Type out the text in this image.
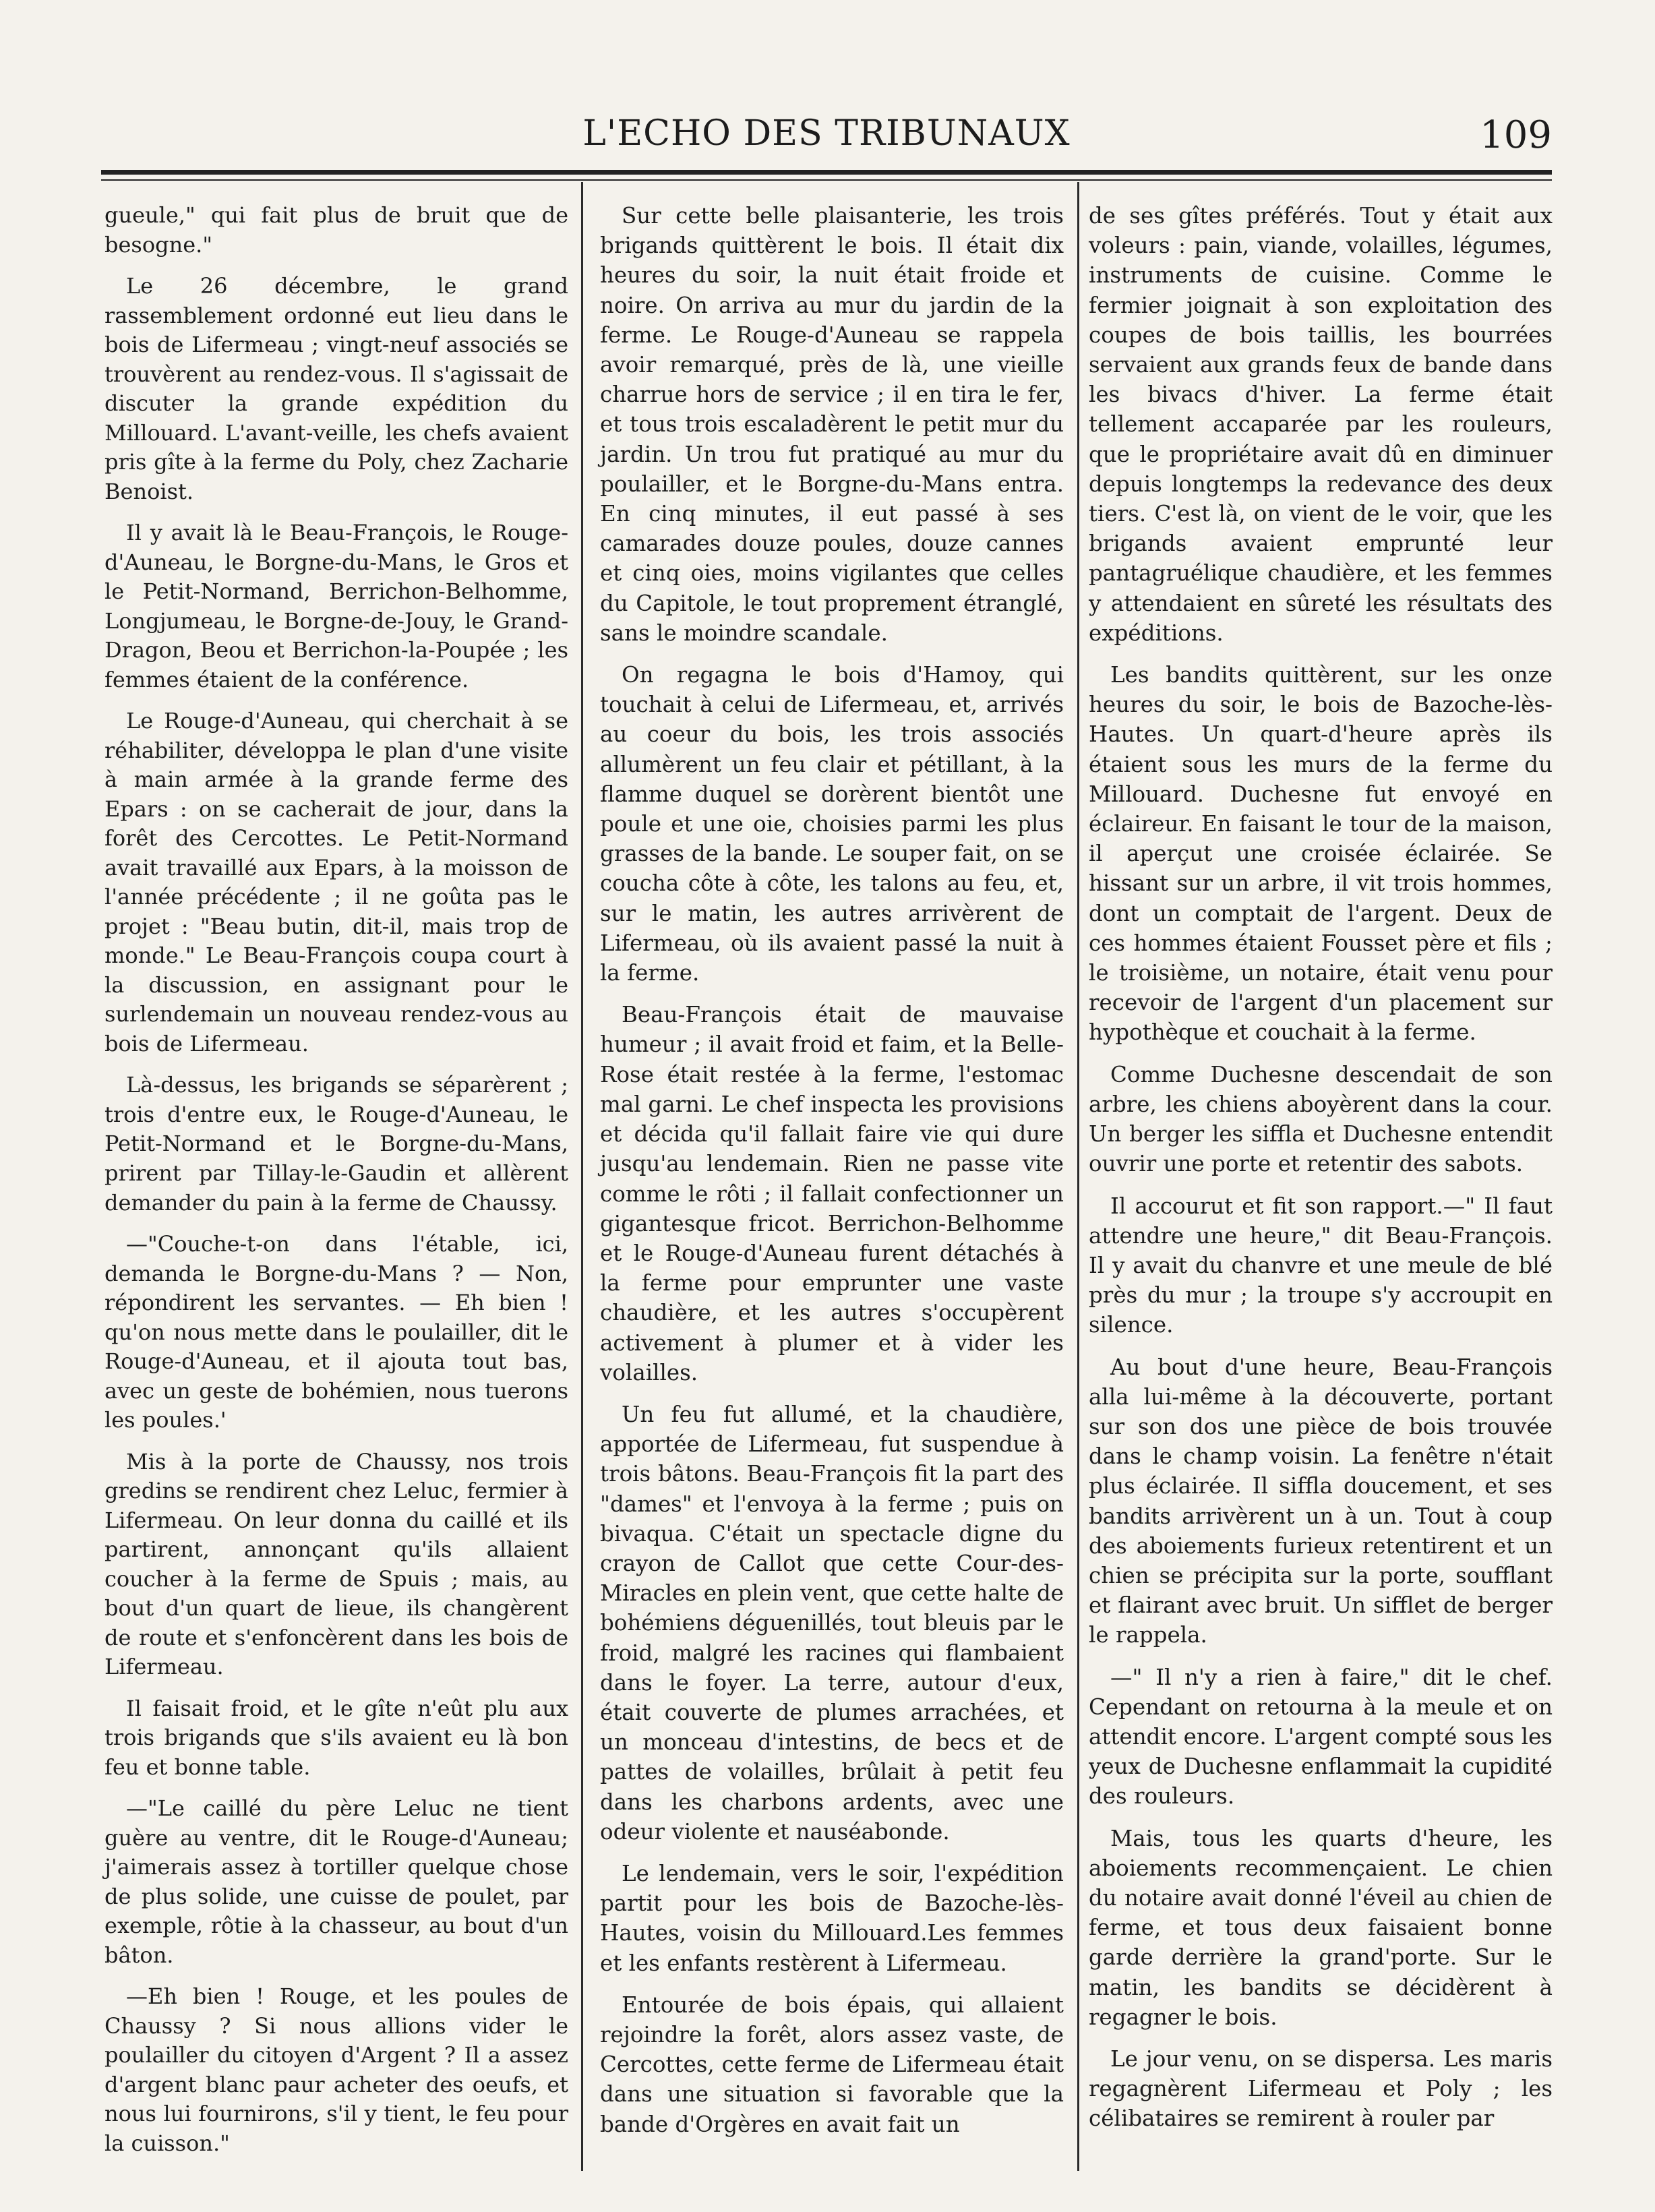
L'ECHO DES TRIBUNAUX	109

gueule," qui fait plus de bruit que de besogne."

Le 26 décembre, le grand rassemblement ordonné eut lieu dans le bois de Lifermeau ; vingt-neuf associés se trouvèrent au rendez-vous. Il s'agissait de discuter la grande expédition du Millouard. L'avant-veille, les chefs avaient pris gîte à la ferme du Poly, chez Zacharie Benoist.

Il y avait là le Beau-François, le Rouge-d'Auneau, le Borgne-du-Mans, le Gros et le Petit-Normand, Berrichon-Belhomme, Longjumeau, le Borgne-de-Jouy, le Grand-Dragon, Beou et Berrichon-la-Poupée ; les femmes étaient de la conférence.

Le Rouge-d'Auneau, qui cherchait à se réhabiliter, développa le plan d'une visite à main armée à la grande ferme des Epars : on se cacherait de jour, dans la forêt des Cercottes. Le Petit-Normand avait travaillé aux Epars, à la moisson de l'année précédente ; il ne goûta pas le projet : "Beau butin, dit-il, mais trop de monde." Le Beau-François coupa court à la discussion, en assignant pour le surlendemain un nouveau rendez-vous au bois de Lifermeau.

Là-dessus, les brigands se séparèrent ; trois d'entre eux, le Rouge-d'Auneau, le Petit-Normand et le Borgne-du-Mans, prirent par Tillay-le-Gaudin et allèrent demander du pain à la ferme de Chaussy.

—"Couche-t-on dans l'étable, ici, demanda le Borgne-du-Mans ? — Non, répondirent les servantes. — Eh bien ! qu'on nous mette dans le poulailler, dit le Rouge-d'Auneau, et il ajouta tout bas, avec un geste de bohémien, nous tuerons les poules.'

Mis à la porte de Chaussy, nos trois gredins se rendirent chez Leluc, fermier à Lifermeau. On leur donna du caillé et ils partirent, annonçant qu'ils allaient coucher à la ferme de Spuis ; mais, au bout d'un quart de lieue, ils changèrent de route et s'enfoncèrent dans les bois de Lifermeau.

Il faisait froid, et le gîte n'eût plu aux trois brigands que s'ils avaient eu là bon feu et bonne table.

—"Le caillé du père Leluc ne tient guère au ventre, dit le Rouge-d'Auneau; j'aimerais assez à tortiller quelque chose de plus solide, une cuisse de poulet, par exemple, rôtie à la chasseur, au bout d'un bâton.

—Eh bien ! Rouge, et les poules de Chaussy ? Si nous allions vider le poulailler du citoyen d'Argent ? Il a assez d'argent blanc paur acheter des oeufs, et nous lui fournirons, s'il y tient, le feu pour la cuisson."

Sur cette belle plaisanterie, les trois brigands quittèrent le bois. Il était dix heures du soir, la nuit était froide et noire. On arriva au mur du jardin de la ferme. Le Rouge-d'Auneau se rappela avoir remarqué, près de là, une vieille charrue hors de service ; il en tira le fer, et tous trois escaladèrent le petit mur du jardin. Un trou fut pratiqué au mur du poulailler, et le Borgne-du-Mans entra. En cinq minutes, il eut passé à ses camarades douze poules, douze cannes et cinq oies, moins vigilantes que celles du Capitole, le tout proprement étranglé, sans le moindre scandale.

On regagna le bois d'Hamoy, qui touchait à celui de Lifermeau, et, arrivés au coeur du bois, les trois associés allumèrent un feu clair et pétillant, à la flamme duquel se dorèrent bientôt une poule et une oie, choisies parmi les plus grasses de la bande. Le souper fait, on se coucha côte à côte, les talons au feu, et, sur le matin, les autres arrivèrent de Lifermeau, où ils avaient passé la nuit à la ferme.

Beau-François était de mauvaise humeur ; il avait froid et faim, et la Belle-Rose était restée à la ferme, l'estomac mal garni. Le chef inspecta les provisions et décida qu'il fallait faire vie qui dure jusqu'au lendemain. Rien ne passe vite comme le rôti ; il fallait confectionner un gigantesque fricot. Berrichon-Belhomme et le Rouge-d'Auneau furent détachés à la ferme pour emprunter une vaste chaudière, et les autres s'occupèrent activement à plumer et à vider les volailles.

Un feu fut allumé, et la chaudière, apportée de Lifermeau, fut suspendue à trois bâtons. Beau-François fit la part des "dames" et l'envoya à la ferme ; puis on bivaqua. C'était un spectacle digne du crayon de Callot que cette Cour-des-Miracles en plein vent, que cette halte de bohémiens déguenillés, tout bleuis par le froid, malgré les racines qui flambaient dans le foyer. La terre, autour d'eux, était couverte de plumes arrachées, et un monceau d'intestins, de becs et de pattes de volailles, brûlait à petit feu dans les charbons ardents, avec une odeur violente et nauséabonde.

Le lendemain, vers le soir, l'expédition partit pour les bois de Bazoche-lès-Hautes, voisin du Millouard.Les femmes et les enfants restèrent à Lifermeau.

Entourée de bois épais, qui allaient rejoindre la forêt, alors assez vaste, de Cercottes, cette ferme de Lifermeau était dans une situation si favorable que la bande d'Orgères en avait fait un

de ses gîtes préférés. Tout y était aux voleurs : pain, viande, volailles, légumes, instruments de cuisine. Comme le fermier joignait à son exploitation des coupes de bois taillis, les bourrées servaient aux grands feux de bande dans les bivacs d'hiver. La ferme était tellement accaparée par les rouleurs, que le propriétaire avait dû en diminuer depuis longtemps la redevance des deux tiers. C'est là, on vient de le voir, que les brigands avaient emprunté leur pantagruélique chaudière, et les femmes y attendaient en sûreté les résultats des expéditions.

Les bandits quittèrent, sur les onze heures du soir, le bois de Bazoche-lès-Hautes. Un quart-d'heure après ils étaient sous les murs de la ferme du Millouard. Duchesne fut envoyé en éclaireur. En faisant le tour de la maison, il aperçut une croisée éclairée. Se hissant sur un arbre, il vit trois hommes, dont un comptait de l'argent. Deux de ces hommes étaient Fousset père et fils ; le troisième, un notaire, était venu pour recevoir de l'argent d'un placement sur hypothèque et couchait à la ferme.

Comme Duchesne descendait de son arbre, les chiens aboyèrent dans la cour. Un berger les siffla et Duchesne entendit ouvrir une porte et retentir des sabots.

Il accourut et fit son rapport.—" Il faut attendre une heure," dit Beau-François. Il y avait du chanvre et une meule de blé près du mur ; la troupe s'y accroupit en silence.

Au bout d'une heure, Beau-François alla lui-même à la découverte, portant sur son dos une pièce de bois trouvée dans le champ voisin. La fenêtre n'était plus éclairée. Il siffla doucement, et ses bandits arrivèrent un à un. Tout à coup des aboiements furieux retentirent et un chien se précipita sur la porte, soufflant et flairant avec bruit. Un sifflet de berger le rappela.

—" Il n'y a rien à faire," dit le chef. Cependant on retourna à la meule et on attendit encore. L'argent compté sous les yeux de Duchesne enflammait la cupidité des rouleurs.

Mais, tous les quarts d'heure, les aboiements recommençaient. Le chien du notaire avait donné l'éveil au chien de ferme, et tous deux faisaient bonne garde derrière la grand'porte. Sur le matin, les bandits se décidèrent à regagner le bois.

Le jour venu, on se dispersa. Les maris regagnèrent Lifermeau et Poly ; les célibataires se remirent à rouler par
